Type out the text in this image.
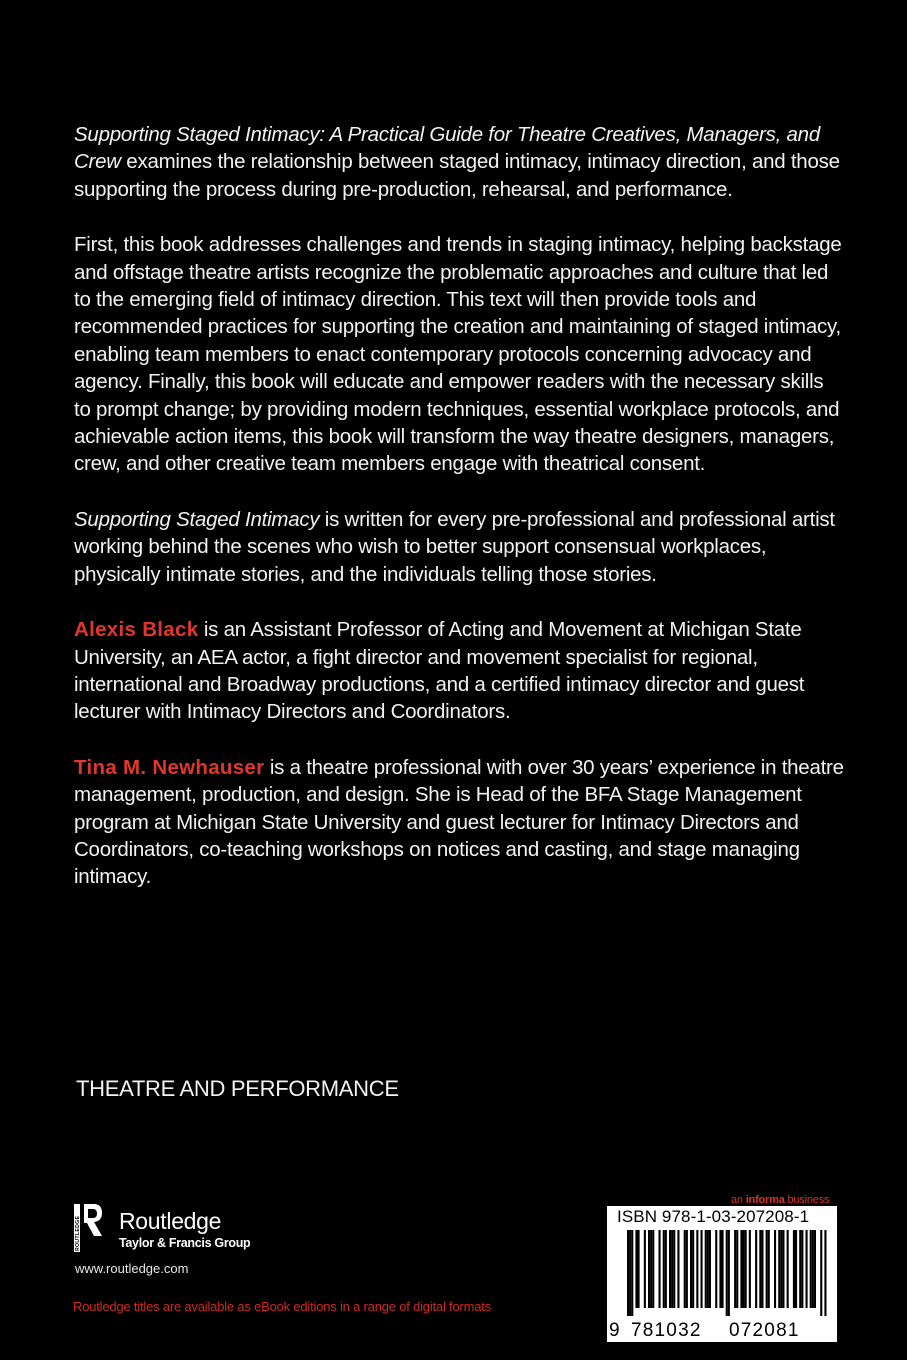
Supporting Staged Intimacy: A Practical Guide for Theatre Creatives, Managers, and Crew examines the relationship between staged intimacy, intimacy direction, and those supporting the process during pre-production, rehearsal, and performance.

First, this book addresses challenges and trends in staging intimacy, helping backstage and offstage theatre artists recognize the problematic approaches and culture that led to the emerging field of intimacy direction. This text will then provide tools and recommended practices for supporting the creation and maintaining of staged intimacy, enabling team members to enact contemporary protocols concerning advocacy and agency. Finally, this book will educate and empower readers with the necessary skills to prompt change; by providing modern techniques, essential workplace protocols, and achievable action items, this book will transform the way theatre designers, managers, crew, and other creative team members engage with theatrical consent.

Supporting Staged Intimacy is written for every pre-professional and professional artist working behind the scenes who wish to better support consensual workplaces, physically intimate stories, and the individuals telling those stories.

Alexis Black is an Assistant Professor of Acting and Movement at Michigan State University, an AEA actor, a fight director and movement specialist for regional, international and Broadway productions, and a certified intimacy director and guest lecturer with Intimacy Directors and Coordinators.

Tina M. Newhauser is a theatre professional with over 30 years’ experience in theatre management, production, and design. She is Head of the BFA Stage Management program at Michigan State University and guest lecturer for Intimacy Directors and Coordinators, co-teaching workshops on notices and casting, and stage managing intimacy.

THEATRE AND PERFORMANCE
ROUTLEDGE Routledge
Taylor & Francis Group
www.routledge.com
Routledge titles are available as eBook editions in a range of digital formats
an informa business
ISBN 978-1-03-207208-1
9 781032 072081
